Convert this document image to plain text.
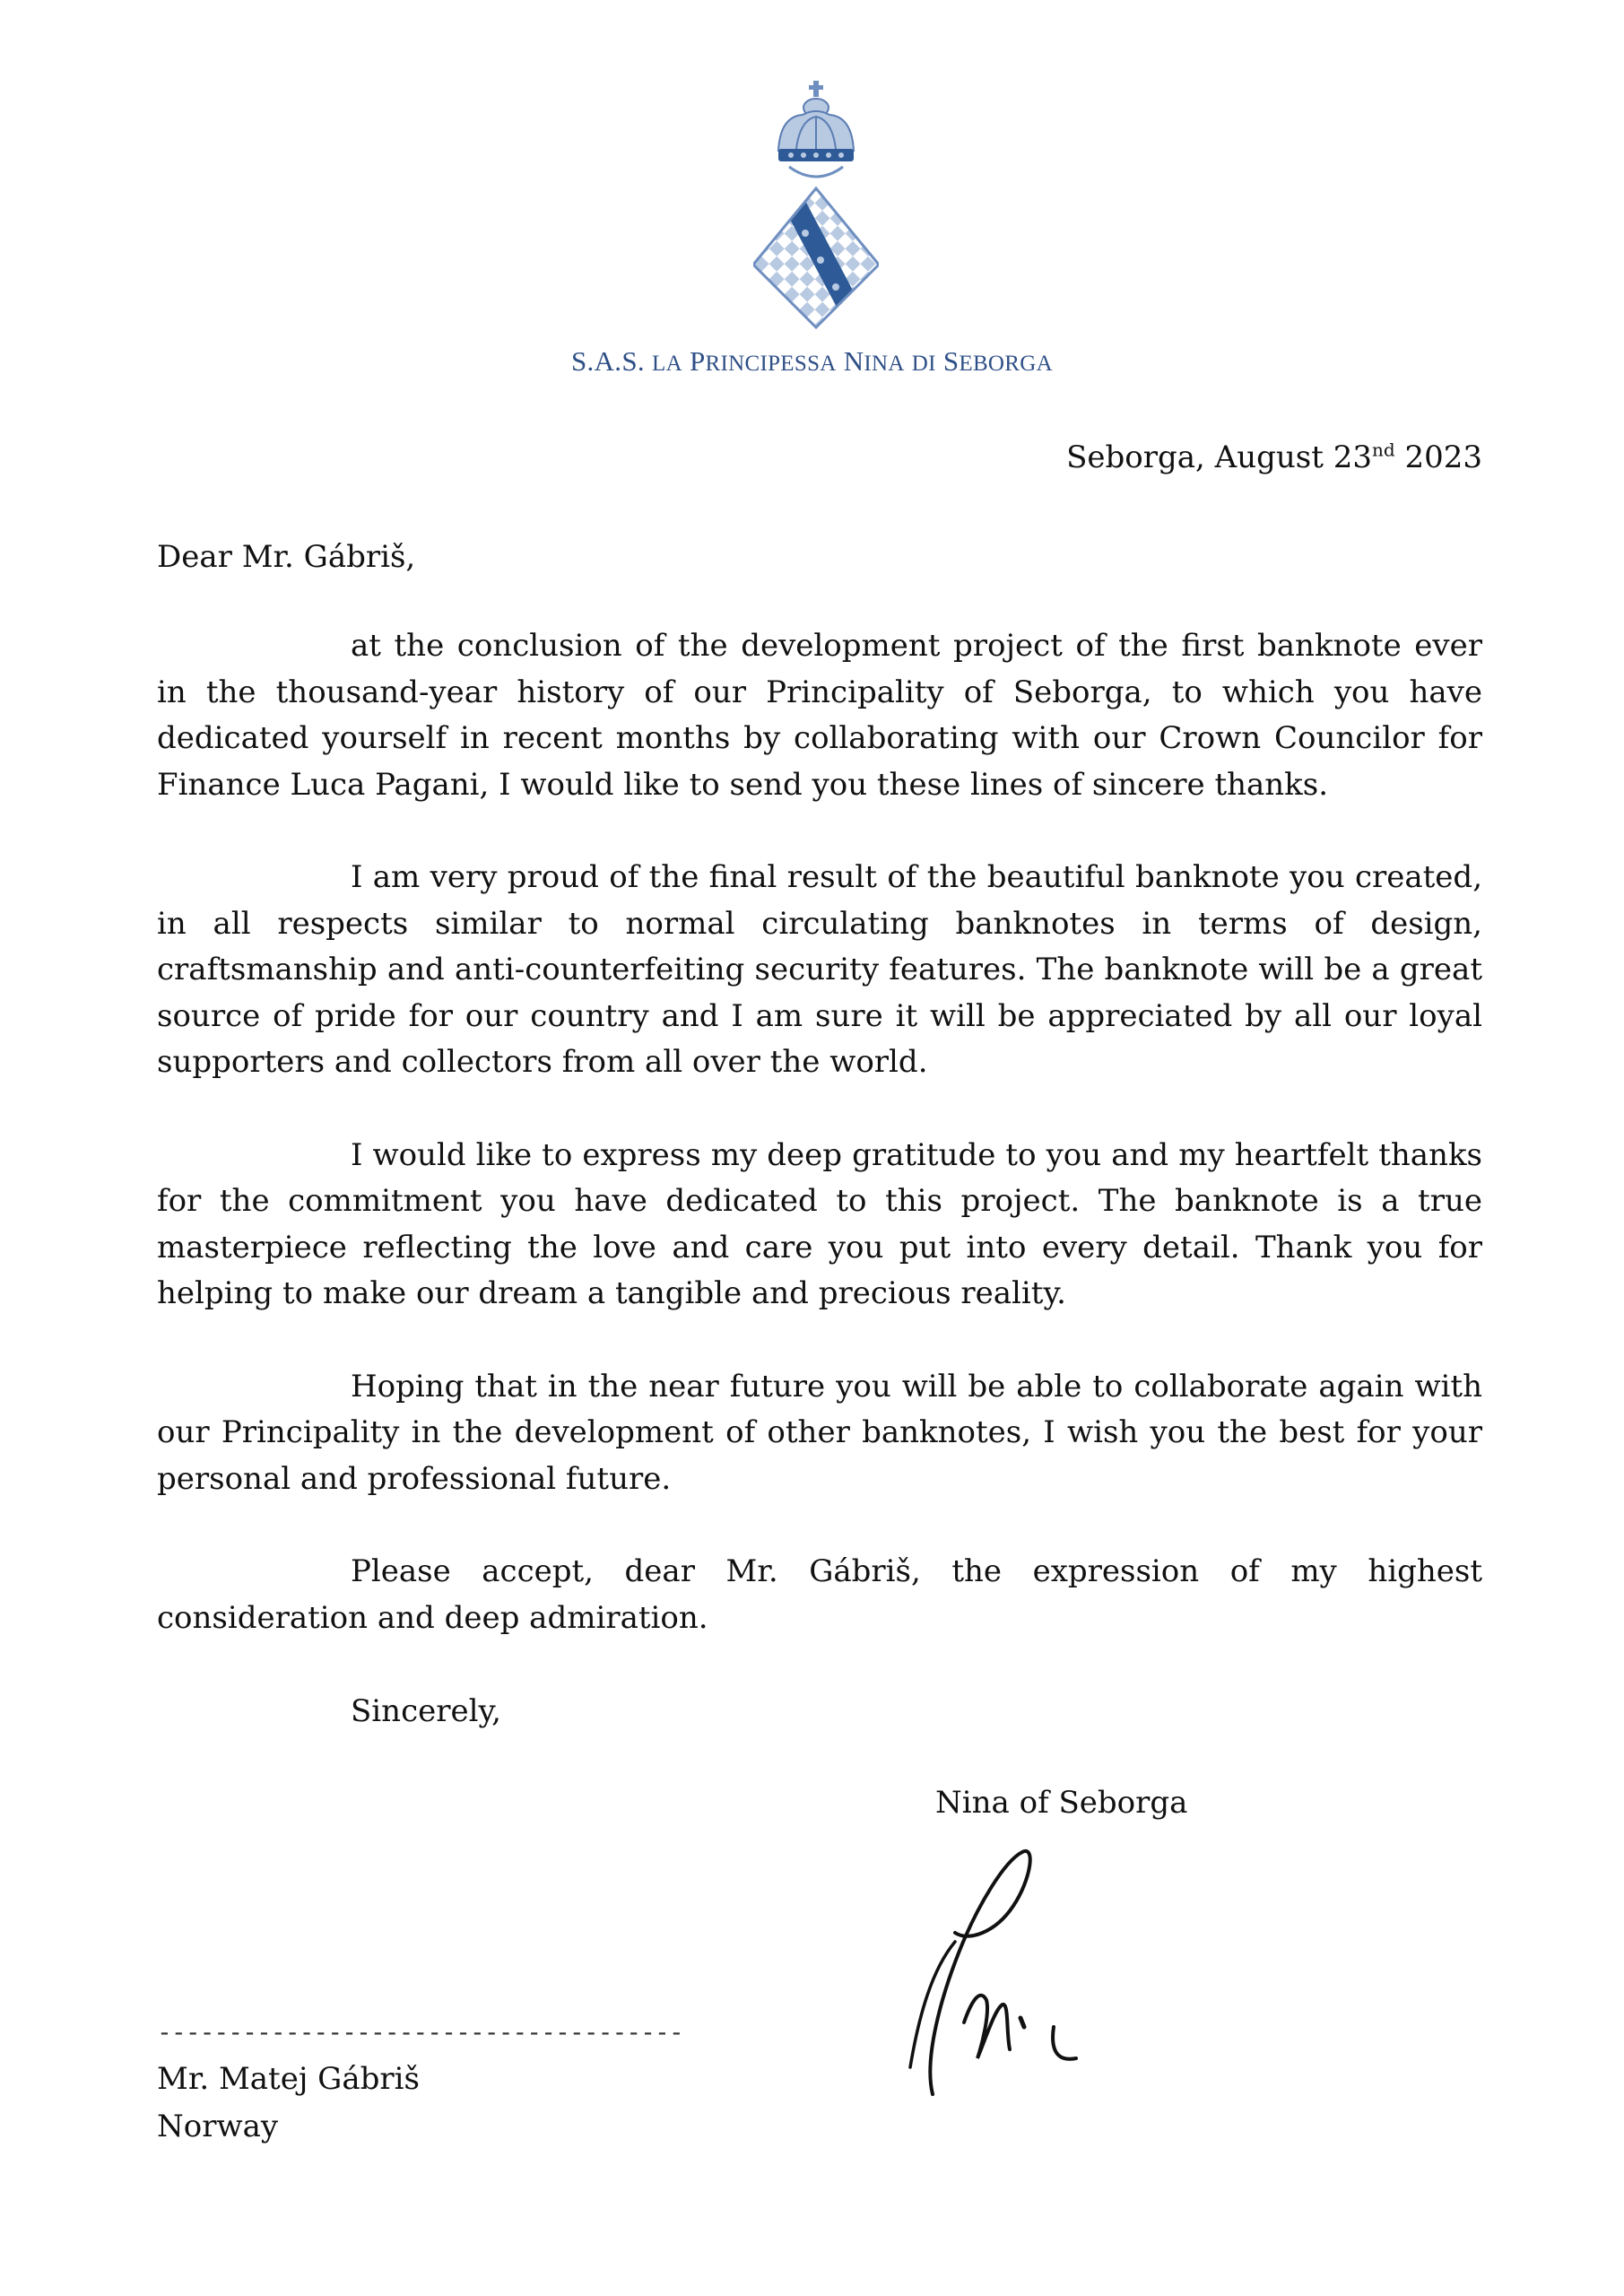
S.A.S. LA PRINCIPESSA NINA DI SEBORGA
Seborga, August 23nd 2023
Dear Mr. Gábriš,

at the conclusion of the development project of the first banknote ever in the thousand-year history of our Principality of Seborga, to which you have dedicated yourself in recent months by collaborating with our Crown Councilor for Finance Luca Pagani, I would like to send you these lines of sincere thanks.

I am very proud of the final result of the beautiful banknote you created, in all respects similar to normal circulating banknotes in terms of design, craftsmanship and anti-counterfeiting security features. The banknote will be a great source of pride for our country and I am sure it will be appreciated by all our loyal supporters and collectors from all over the world.

I would like to express my deep gratitude to you and my heartfelt thanks for the commitment you have dedicated to this project. The banknote is a true masterpiece reflecting the love and care you put into every detail. Thank you for helping to make our dream a tangible and precious reality.

Hoping that in the near future you will be able to collaborate again with our Principality in the development of other banknotes, I wish you the best for your personal and professional future.

Please accept, dear Mr. Gábriš, the expression of my highest consideration and deep admiration.

Sincerely,
Nina of Seborga
-------------------------------------
Mr. Matej Gábriš
Norway
